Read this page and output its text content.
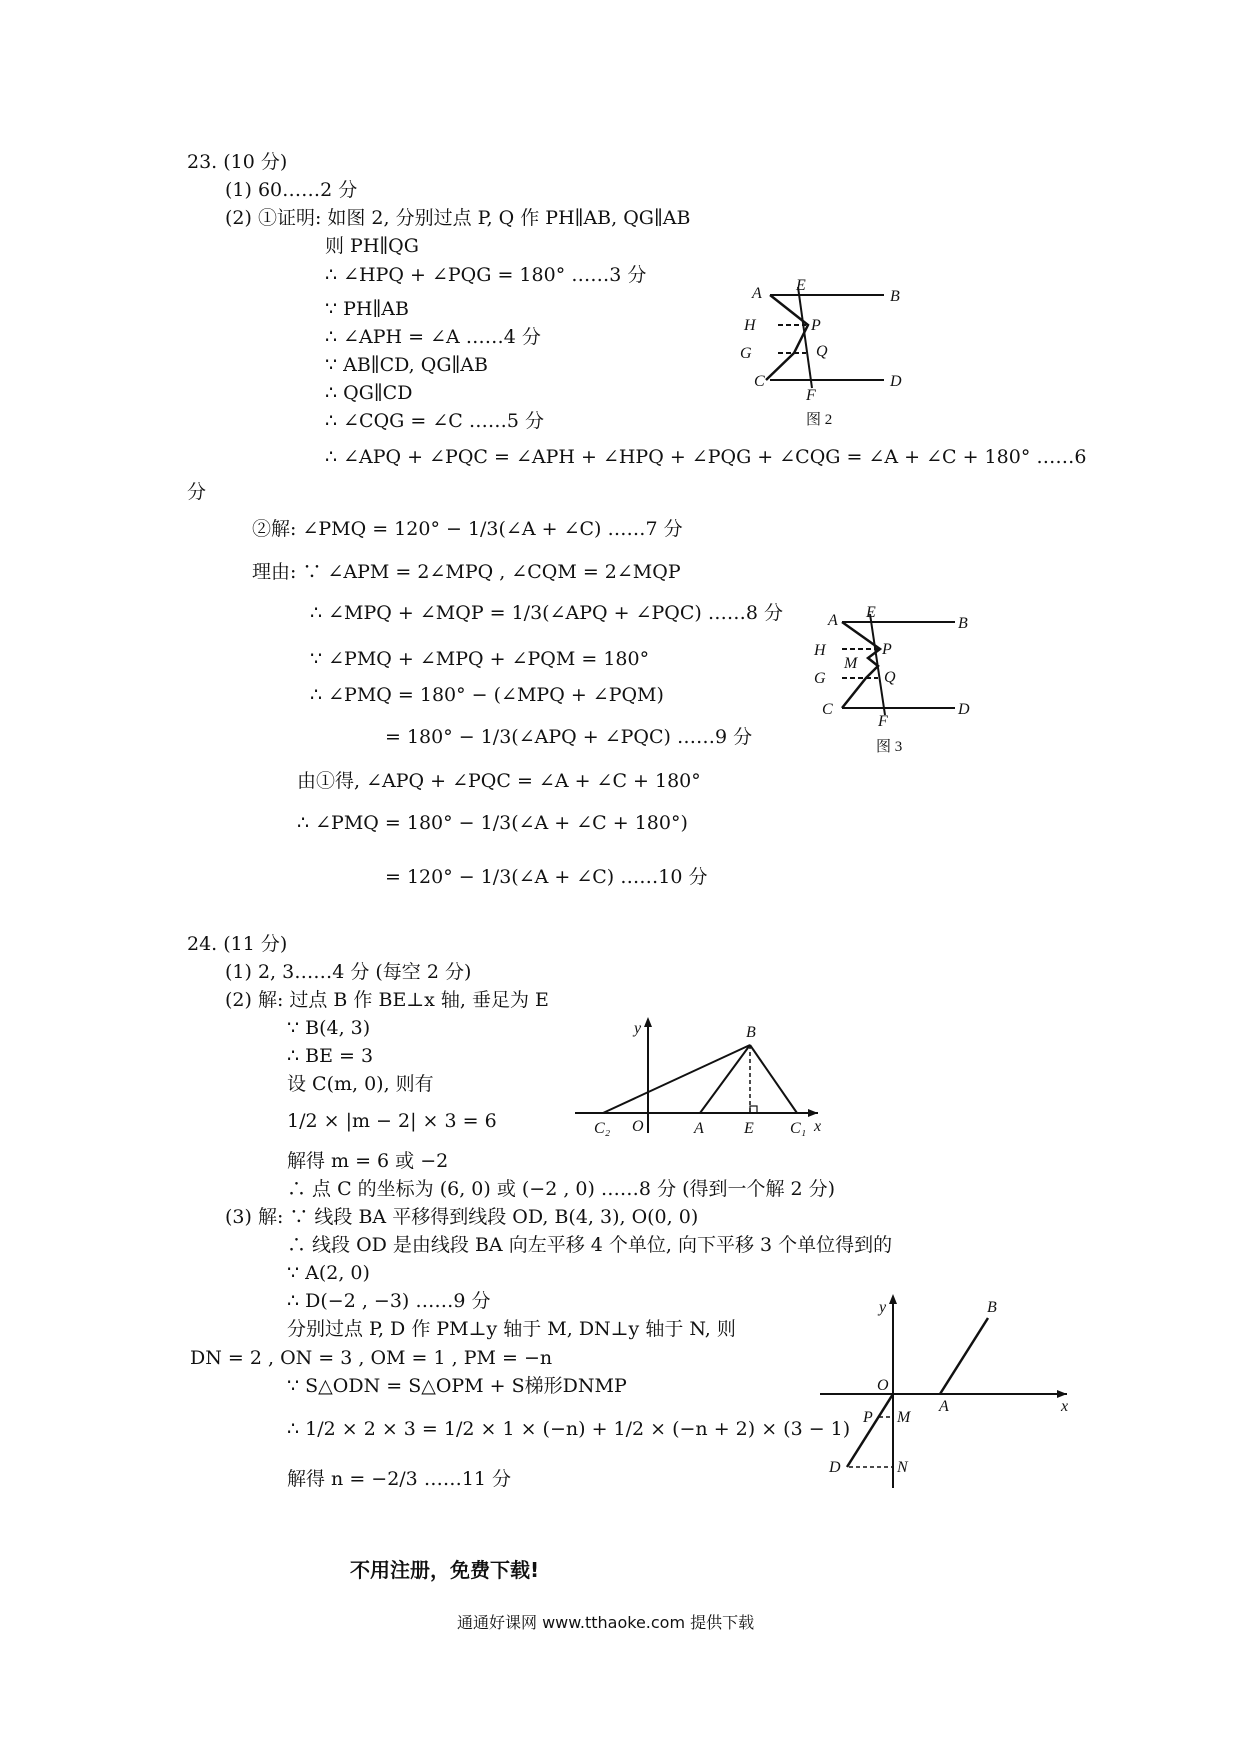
23. (10 分)
(1) 60……2 分
(2) ①证明: 如图 2, 分别过点 P, Q 作 PH∥AB, QG∥AB
则 PH∥QG
∴ ∠HPQ + ∠PQG = 180° ……3 分
∵ PH∥AB
∴ ∠APH = ∠A ……4 分
∵ AB∥CD, QG∥AB
∴ QG∥CD
∴ ∠CQG = ∠C ……5 分
∴ ∠APQ + ∠PQC = ∠APH + ∠HPQ + ∠PQG + ∠CQG = ∠A + ∠C + 180° ……6
分
②解: ∠PMQ = 120° − 1/3(∠A + ∠C) ……7 分
理由: ∵ ∠APM = 2∠MPQ , ∠CQM = 2∠MQP
∴ ∠MPQ + ∠MQP = 1/3(∠APQ + ∠PQC) ……8 分
∵ ∠PMQ + ∠MPQ + ∠PQM = 180°
∴ ∠PMQ = 180° − (∠MPQ + ∠PQM)
= 180° − 1/3(∠APQ + ∠PQC) ……9 分
由①得, ∠APQ + ∠PQC = ∠A + ∠C + 180°
∴ ∠PMQ = 180° − 1/3(∠A + ∠C + 180°)
= 120° − 1/3(∠A + ∠C) ……10 分
A E
B
H	P
G	Q
C
F
D
图 2
A E
B
H	P
M
G	Q
C
F
D
图 3
24. (11 分)
(1) 2, 3……4 分 (每空 2 分)
(2) 解: 过点 B 作 BE⊥x 轴, 垂足为 E
∵ B(4, 3)
∴ BE = 3
设 C(m, 0), 则有
1/2 × |m − 2| × 3 = 6
解得 m = 6 或 −2
∴ 点 C 的坐标为 (6, 0) 或 (−2 , 0) ……8 分 (得到一个解 2 分)
(3) 解: ∵ 线段 BA 平移得到线段 OD, B(4, 3), O(0, 0)
∴ 线段 OD 是由线段 BA 向左平移 4 个单位, 向下平移 3 个单位得到的
∵ A(2, 0)
∴ D(−2 , −3) ……9 分
分别过点 P, D 作 PM⊥y 轴于 M, DN⊥y 轴于 N, 则
DN = 2 , ON = 3 , OM = 1 , PM = −n
∵ S△ODN = S△OPM + S梯形DNMP
∴ 1/2 × 2 × 3 = 1/2 × 1 × (−n) + 1/2 × (−n + 2) × (3 − 1)
解得 n = −2/3 ……11 分
y	B
C₂ O	A	E C₁ x
y	B
O
A	x
P M
D	N
不用注册，免费下载!
通通好课网 www.tthaoke.com 提供下载
